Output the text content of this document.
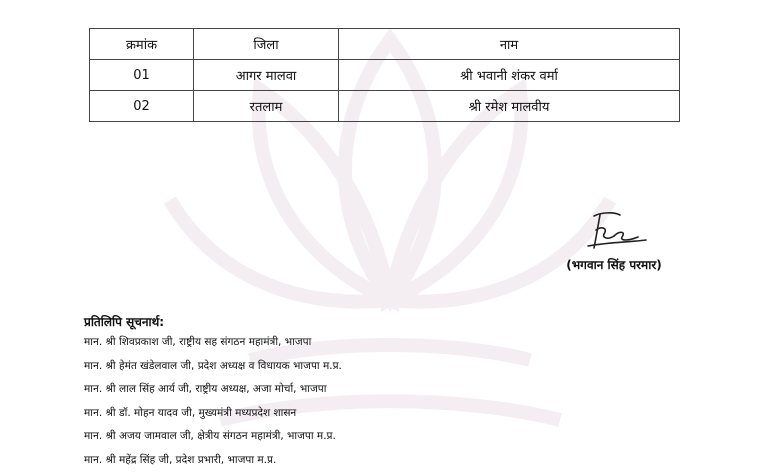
क्रमांक	जिला	नाम
01	आगर मालवा	श्री भवानी शंकर वर्मा
02	रतलाम	श्री रमेश मालवीय
(भगवान सिंह परमार)
प्रतिलिपि सूचनार्थ:
मान. श्री शिवप्रकाश जी, राष्ट्रीय सह संगठन महामंत्री, भाजपा
मान. श्री हेमंत खंडेलवाल जी, प्रदेश अध्यक्ष व विधायक भाजपा म.प्र.
मान. श्री लाल सिंह आर्य जी, राष्ट्रीय अध्यक्ष, अजा मोर्चा, भाजपा
मान. श्री डॉ. मोहन यादव जी, मुख्यमंत्री मध्यप्रदेश शासन
मान. श्री अजय जामवाल जी, क्षेत्रीय संगठन महामंत्री, भाजपा म.प्र.
मान. श्री महेंद्र सिंह जी, प्रदेश प्रभारी, भाजपा म.प्र.
